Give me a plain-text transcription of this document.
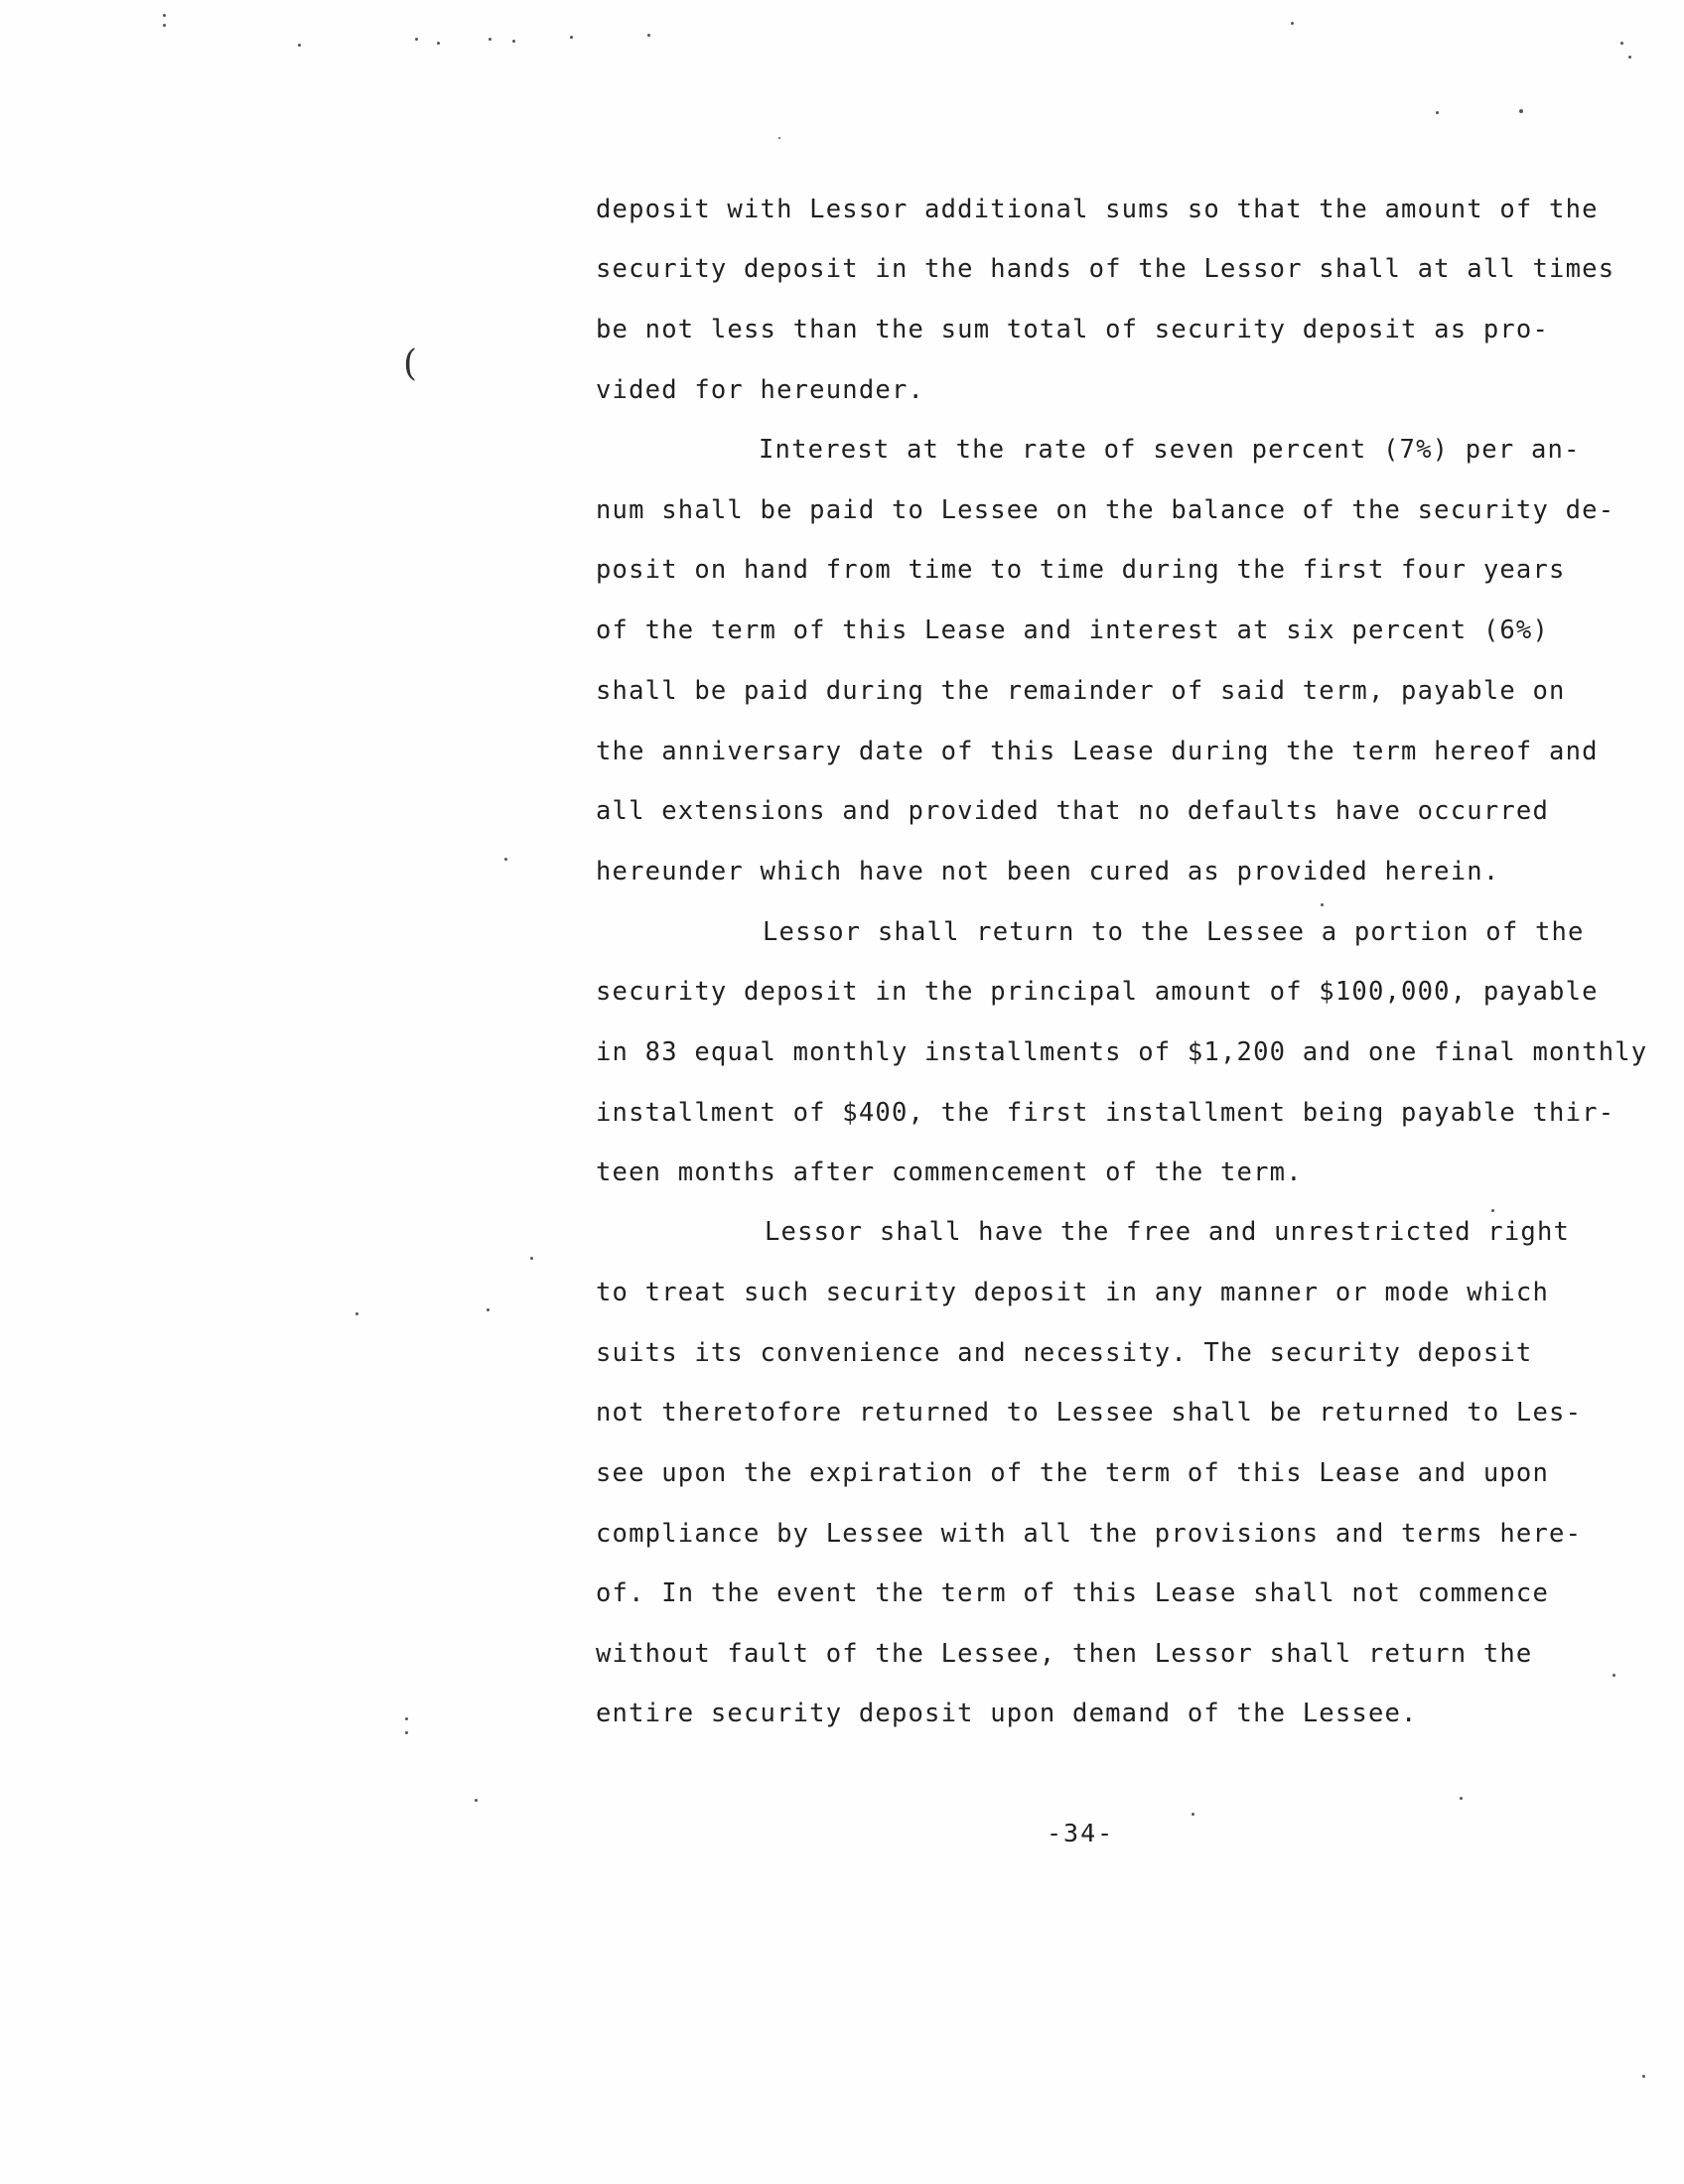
(
deposit with Lessor additional sums so that the amount of the
security deposit in the hands of the Lessor shall at all times
be not less than the sum total of security deposit as pro-
vided for hereunder.
Interest at the rate of seven percent (7%) per an-
num shall be paid to Lessee on the balance of the security de-
posit on hand from time to time during the first four years
of the term of this Lease and interest at six percent (6%)
shall be paid during the remainder of said term, payable on
the anniversary date of this Lease during the term hereof and
all extensions and provided that no defaults have occurred
hereunder which have not been cured as provided herein.
Lessor shall return to the Lessee a portion of the
security deposit in the principal amount of $100,000, payable
in 83 equal monthly installments of $1,200 and one final monthly
installment of $400, the first installment being payable thir-
teen months after commencement of the term.
Lessor shall have the free and unrestricted right
to treat such security deposit in any manner or mode which
suits its convenience and necessity. The security deposit
not theretofore returned to Lessee shall be returned to Les-
see upon the expiration of the term of this Lease and upon
compliance by Lessee with all the provisions and terms here-
of. In the event the term of this Lease shall not commence
without fault of the Lessee, then Lessor shall return the
entire security deposit upon demand of the Lessee.
-34-
